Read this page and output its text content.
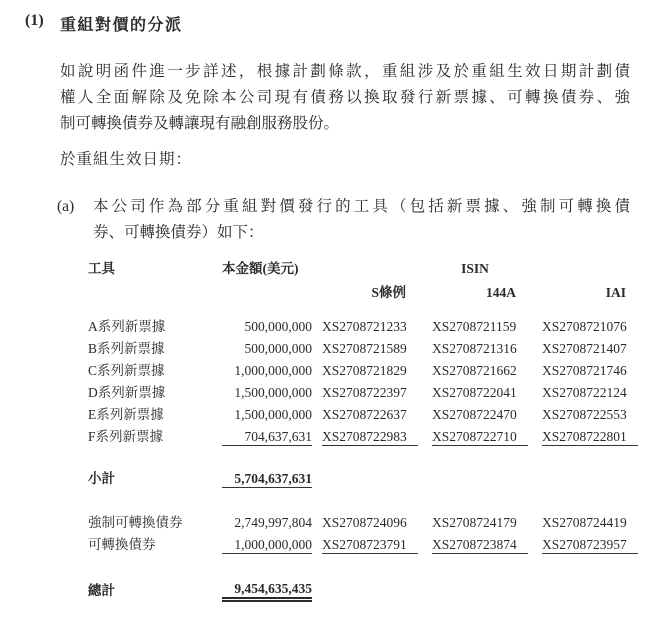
(1)	重組對價的分派
如說明函件進一步詳述，根據計劃條款，重組涉及於重組生效日期計劃債
權人全面解除及免除本公司現有債務以換取發行新票據、可轉換債券、強
制可轉換債券及轉讓現有融創服務股份。
於重組生效日期：
(a)	本公司作為部分重組對價發行的工具（包括新票據、強制可轉換債
券、可轉換債券）如下：
工具	本金額(美元)	ISIN					
			S條例		144A		IAI

A系列新票據	500,000,000		XS2708721233		XS2708721159		XS2708721076
B系列新票據	500,000,000		XS2708721589		XS2708721316		XS2708721407
C系列新票據	1,000,000,000		XS2708721829		XS2708721662		XS2708721746
D系列新票據	1,500,000,000		XS2708722397		XS2708722041		XS2708722124
E系列新票據	1,500,000,000		XS2708722637		XS2708722470		XS2708722553
F系列新票據	704,637,631		XS2708722983		XS2708722710		XS2708722801

小計	5,704,637,631						

強制可轉換債券	2,749,997,804		XS2708724096		XS2708724179		XS2708724419
可轉換債券	1,000,000,000		XS2708723791		XS2708723874		XS2708723957

總計	9,454,635,435						
